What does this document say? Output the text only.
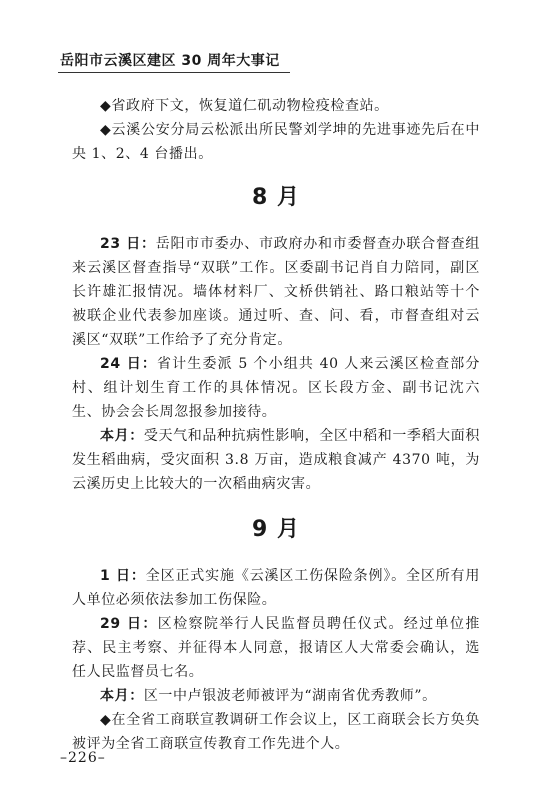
岳阳市云溪区建区 30 周年大事记

◆省政府下文，恢复道仁矶动物检疫检查站。

◆云溪公安分局云松派出所民警刘学坤的先进事迹先后在中央 1、2、4 台播出。

8 月

23 日：岳阳市市委办、市政府办和市委督查办联合督查组来云溪区督查指导“双联”工作。区委副书记肖自力陪同，副区长许雄汇报情况。墙体材料厂、文桥供销社、路口粮站等十个被联企业代表参加座谈。通过听、查、问、看，市督查组对云溪区“双联”工作给予了充分肯定。

24 日：省计生委派 5 个小组共 40 人来云溪区检查部分村、组计划生育工作的具体情况。区长段方金、副书记沈六生、协会会长周忽报参加接待。

本月：受天气和品种抗病性影响，全区中稻和一季稻大面积发生稻曲病，受灾面积 3.8 万亩，造成粮食减产 4370 吨，为云溪历史上比较大的一次稻曲病灾害。

9 月

1 日：全区正式实施《云溪区工伤保险条例》。全区所有用人单位必须依法参加工伤保险。

29 日：区检察院举行人民监督员聘任仪式。经过单位推荐、民主考察、并征得本人同意，报请区人大常委会确认，选任人民监督员七名。

本月：区一中卢银波老师被评为“湖南省优秀教师”。

◆在全省工商联宣教调研工作会议上，区工商联会长方奂奂被评为全省工商联宣传教育工作先进个人。

–226–
